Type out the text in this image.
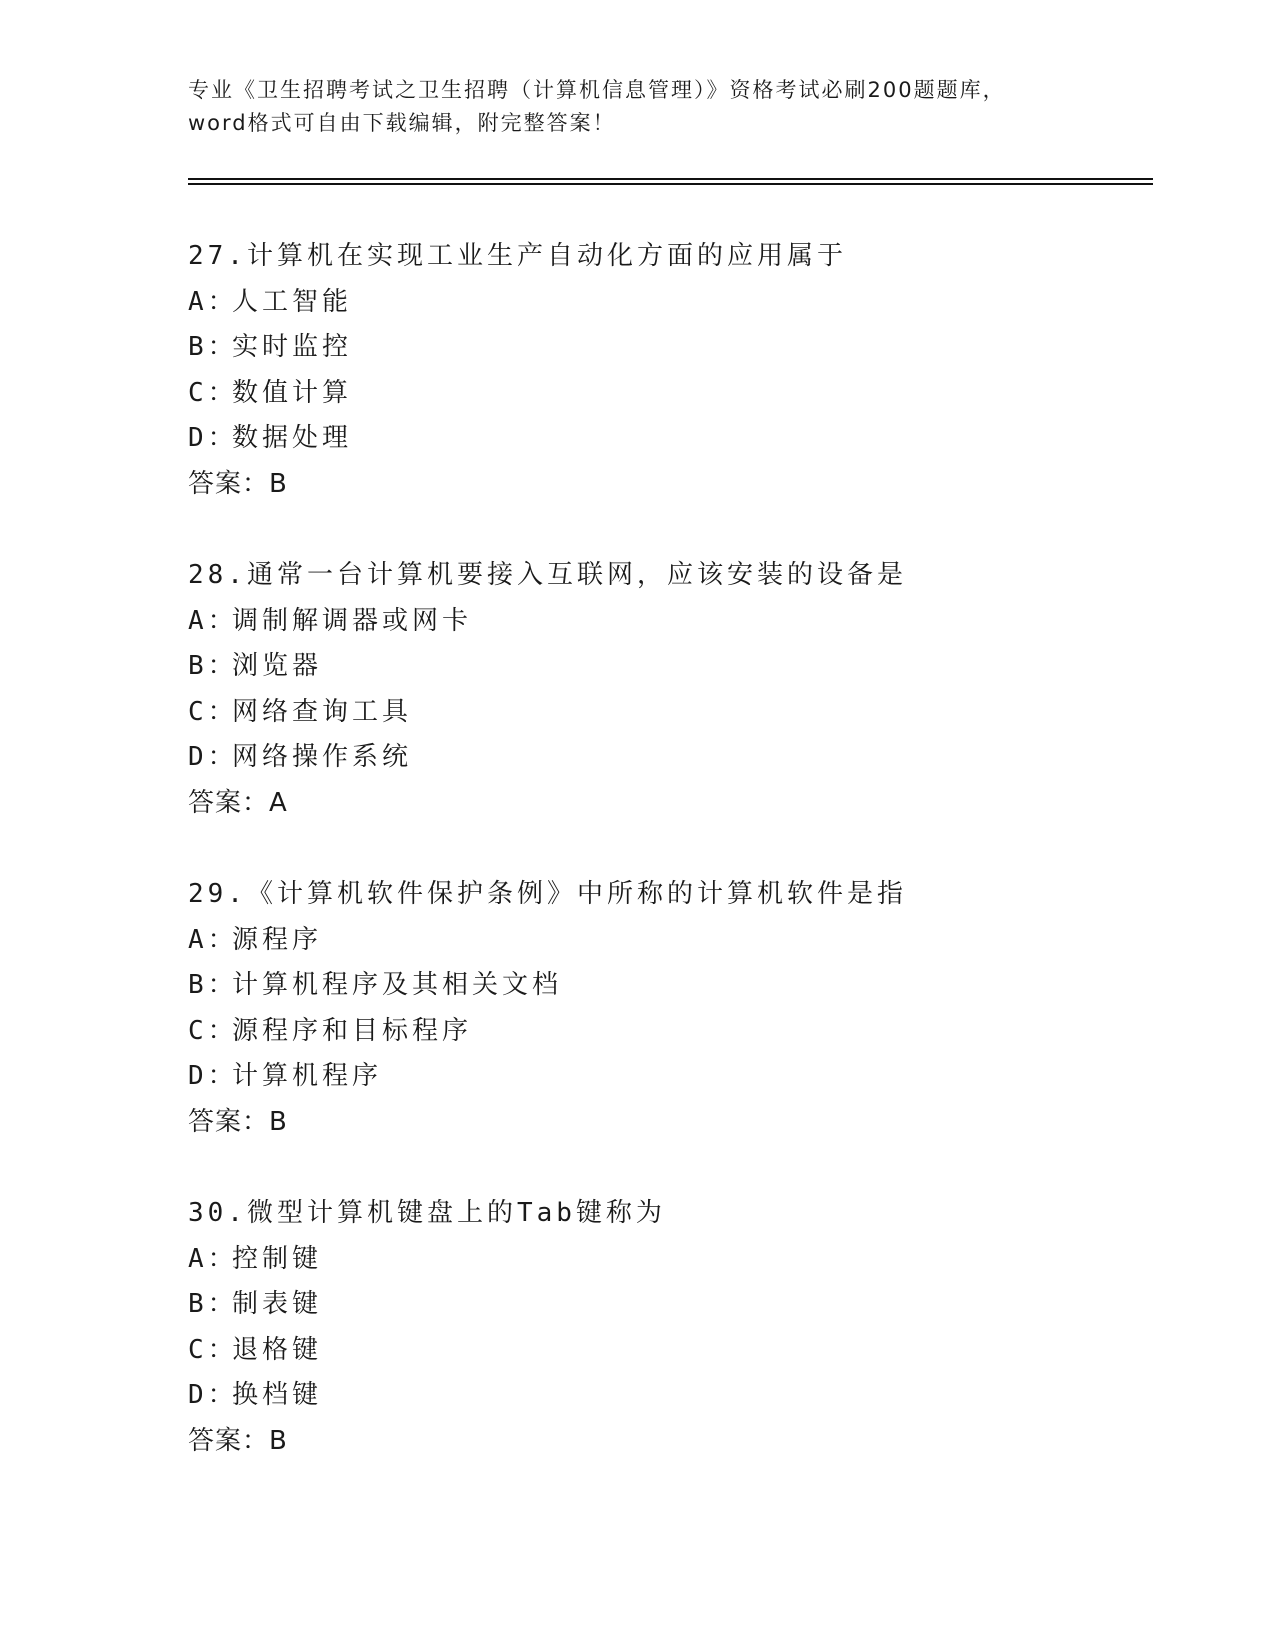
专业《卫生招聘考试之卫生招聘（计算机信息管理）》资格考试必刷200题题库，
word格式可自由下载编辑，附完整答案！
27.计算机在实现工业生产自动化方面的应用属于
A：人工智能
B：实时监控
C：数值计算
D：数据处理
答案：B
28.通常一台计算机要接入互联网，应该安装的设备是
A：调制解调器或网卡
B：浏览器
C：网络查询工具
D：网络操作系统
答案：A
29.《计算机软件保护条例》中所称的计算机软件是指
A：源程序
B：计算机程序及其相关文档
C：源程序和目标程序
D：计算机程序
答案：B
30.微型计算机键盘上的Tab键称为
A：控制键
B：制表键
C：退格键
D：换档键
答案：B
